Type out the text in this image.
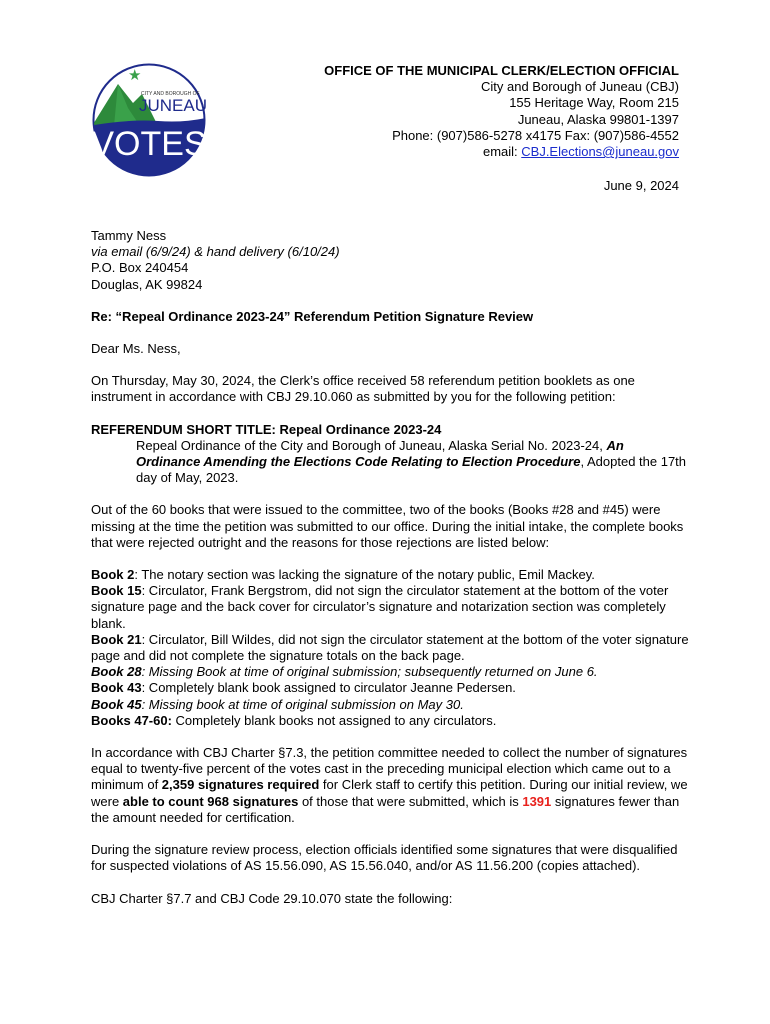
★
CITY AND BOROUGH OF
JUNEAU
VOTES
OFFICE OF THE MUNICIPAL CLERK/ELECTION OFFICIAL
City and Borough of Juneau (CBJ)
155 Heritage Way, Room 215
Juneau, Alaska 99801-1397
Phone: (907)586-5278 x4175 Fax: (907)586-4552
email: CBJ.Elections@juneau.gov
June 9, 2024
Tammy Ness
via email (6/9/24) & hand delivery (6/10/24)
P.O. Box 240454
Douglas, AK 99824
Re: “Repeal Ordinance 2023-24” Referendum Petition Signature Review
Dear Ms. Ness,
On Thursday, May 30, 2024, the Clerk’s office received 58 referendum petition booklets as one instrument in accordance with CBJ 29.10.060 as submitted by you for the following petition:
REFERENDUM SHORT TITLE: Repeal Ordinance 2023-24
Repeal Ordinance of the City and Borough of Juneau, Alaska Serial No. 2023-24, An Ordinance Amending the Elections Code Relating to Election Procedure, Adopted the 17th day of May, 2023.
Out of the 60 books that were issued to the committee, two of the books (Books #28 and #45) were missing at the time the petition was submitted to our office. During the initial intake, the complete books that were rejected outright and the reasons for those rejections are listed below:

Book 2: The notary section was lacking the signature of the notary public, Emil Mackey.

Book 15: Circulator, Frank Bergstrom, did not sign the circulator statement at the bottom of the voter signature page and the back cover for circulator’s signature and notarization section was completely blank.

Book 21: Circulator, Bill Wildes, did not sign the circulator statement at the bottom of the voter signature page and did not complete the signature totals on the back page.

Book 28: Missing Book at time of original submission; subsequently returned on June 6.

Book 43: Completely blank book assigned to circulator Jeanne Pedersen.

Book 45: Missing book at time of original submission on May 30.

Books 47-60: Completely blank books not assigned to any circulators.

In accordance with CBJ Charter §7.3, the petition committee needed to collect the number of signatures equal to twenty-five percent of the votes cast in the preceding municipal election which came out to a minimum of 2,359 signatures required for Clerk staff to certify this petition. During our initial review, we were able to count 968 signatures of those that were submitted, which is 1391 signatures fewer than the amount needed for certification.
During the signature review process, election officials identified some signatures that were disqualified for suspected violations of AS 15.56.090, AS 15.56.040, and/or AS 11.56.200 (copies attached).
CBJ Charter §7.7 and CBJ Code 29.10.070 state the following:
